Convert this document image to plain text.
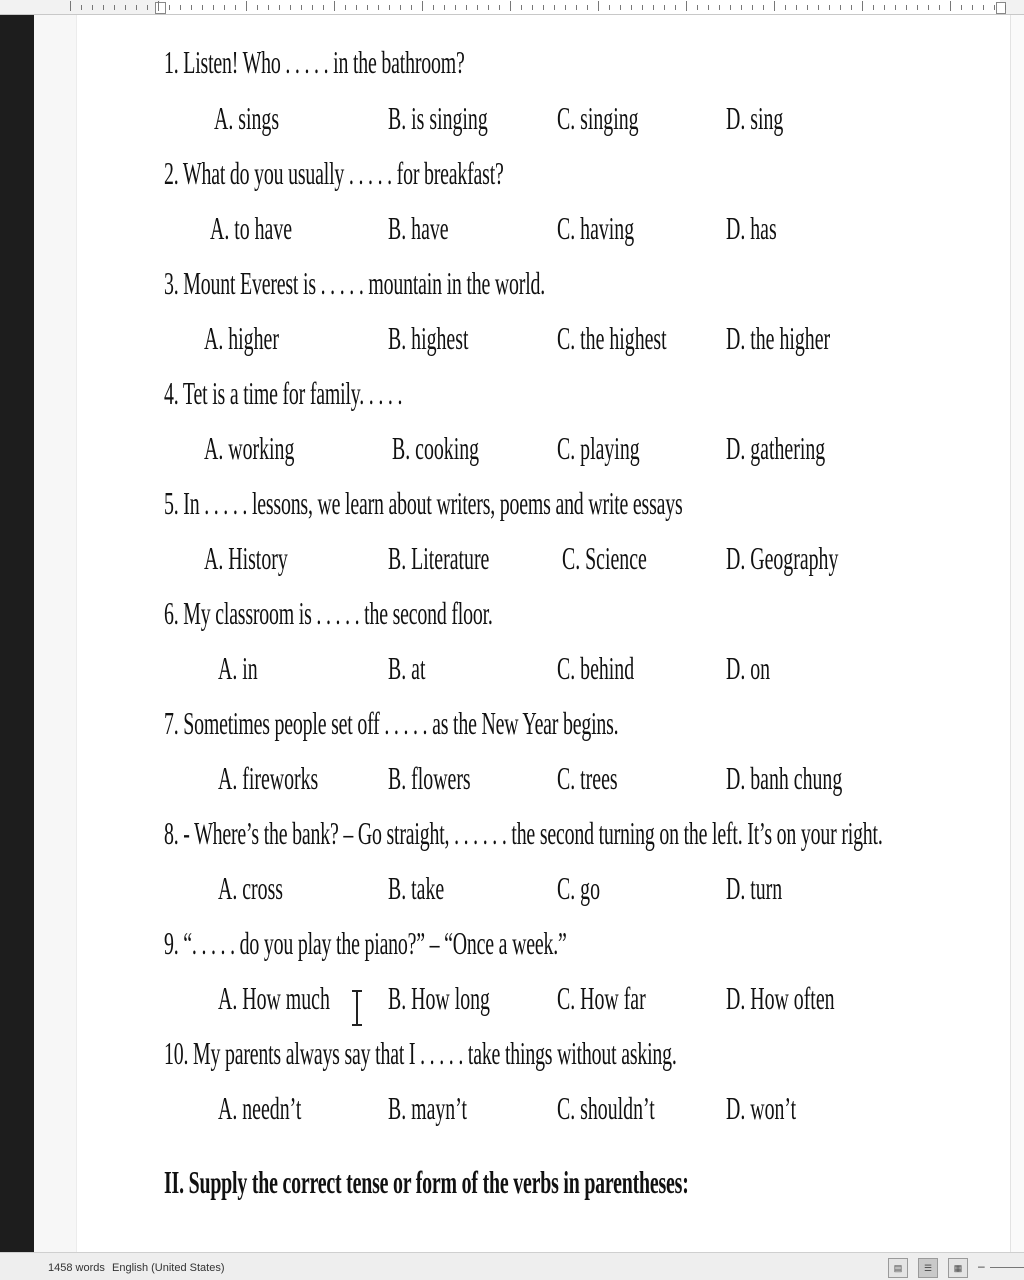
1. Listen! Who . . . . . in the bathroom?
A. sings	B. is singing C. singing	D. sing
2. What do you usually . . . . . for breakfast?
A. to have	B. have	C. having	D. has
3. Mount Everest is . . . . . mountain in the world.
A. higher	B. highest	C. the highest D. the higher
4. Tet is a time for family. . . . .
A. working	B. cooking C. playing	D. gathering
5. In . . . . . lessons, we learn about writers, poems and write essays
A. History	B. Literature C. Science D. Geography
6. My classroom is . . . . . the second floor.
A. in	B. at	C. behind	D. on
7. Sometimes people set off . . . . . as the New Year begins.
A. fireworks B. flowers	C. trees	D. banh chung
8. - Where’s the bank? – Go straight, . . . . . . the second turning on the left. It’s on your right.
A. cross	B. take	C. go	D. turn
9. “. . . . . do you play the piano?” – “Once a week.”
A. How much B. How long C. How far	D. How often
10. My parents always say that I . . . . . take things without asking.
A. needn’t	B. mayn’t	C. shouldn’t D. won’t
II. Supply the correct tense or form of the verbs in parentheses:
1458 words English (United States)	▤	☰	▦	–
